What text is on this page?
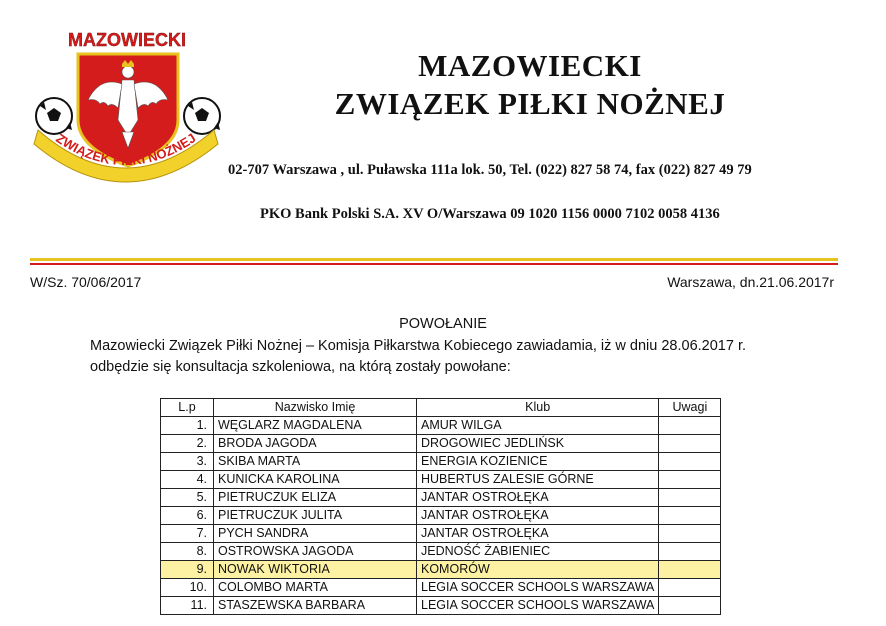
MAZOWIECKI
ZWIĄZEK PIŁKI NOŻNEJ
MAZOWIECKI
ZWIĄZEK PIŁKI NOŻNEJ
02-707 Warszawa , ul. Puławska 111a lok. 50, Tel. (022) 827 58 74, fax (022) 827 49 79
PKO Bank Polski S.A. XV O/Warszawa 09 1020 1156 0000 7102 0058 4136
W/Sz. 70/06/2017	Warszawa, dn.21.06.2017r
POWOŁANIE
Mazowiecki Związek Piłki Nożnej – Komisja Piłkarstwa Kobiecego zawiadamia, iż w dniu 28.06.2017 r.
odbędzie się konsultacja szkoleniowa, na którą zostały powołane:
L.p	Nazwisko Imię	Klub	Uwagi
1.	WĘGLARZ MAGDALENA	AMUR WILGA	
2.	BRODA JAGODA	DROGOWIEC JEDLIŃSK	
3.	SKIBA MARTA	ENERGIA KOZIENICE	
4.	KUNICKA KAROLINA	HUBERTUS ZALESIE GÓRNE	
5.	PIETRUCZUK ELIZA	JANTAR OSTROŁĘKA	
6.	PIETRUCZUK JULITA	JANTAR OSTROŁĘKA	
7.	PYCH SANDRA	JANTAR OSTROŁĘKA	
8.	OSTROWSKA JAGODA	JEDNOŚĆ ŻABIENIEC	
9.	NOWAK WIKTORIA	KOMORÓW	
10.	COLOMBO MARTA	LEGIA SOCCER SCHOOLS WARSZAWA	
11.	STASZEWSKA BARBARA	LEGIA SOCCER SCHOOLS WARSZAWA	
